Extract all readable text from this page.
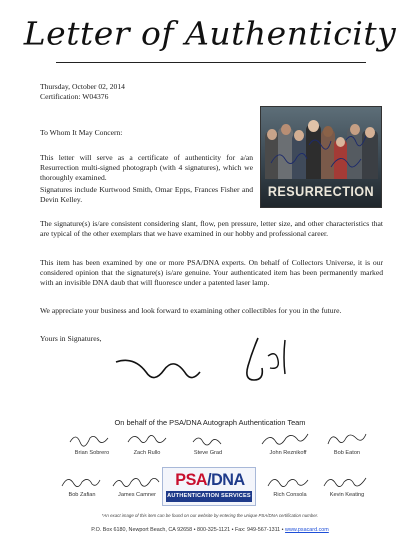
Letter of Authenticity
Thursday, October 02, 2014
Certification: W04376
To Whom It May Concern:

This letter will serve as a certificate of authenticity for a/an Resurrection multi-signed photograph (with 4 signatures), which we thoroughly examined.

Signatures include Kurtwood Smith, Omar Epps, Frances Fisher and Devin Kelley.

The signature(s) is/are consistent considering slant, flow, pen pressure, letter size, and other characteristics that are typical of the other exemplars that we have examined in our hobby and professional career.

This item has been examined by one or more PSA/DNA experts. On behalf of Collectors Universe, it is our considered opinion that the signature(s) is/are genuine. Your authenticated item has been permanently marked with an invisible DNA daub that will fluoresce under a patented laser lamp.

We appreciate your business and look forward to examining other collectibles for you in the future.

Yours in Signatures,
RESURRECTION
On behalf of the PSA/DNA Autograph Authentication Team
Brian Sobrero	Zach Rullo	Steve Grad	John Reznikoff	Bob Eaton
Bob Zafian	James Camner	Rich Consola	Kevin Keating
PSA/DNA
AUTHENTICATION SERVICES
*An exact image of this item can be found on our website by entering the unique PSA/DNA certification number.
P.O. Box 6180, Newport Beach, CA 92658 • 800-325-1121 • Fax: 949-567-1311 • www.psacard.com
